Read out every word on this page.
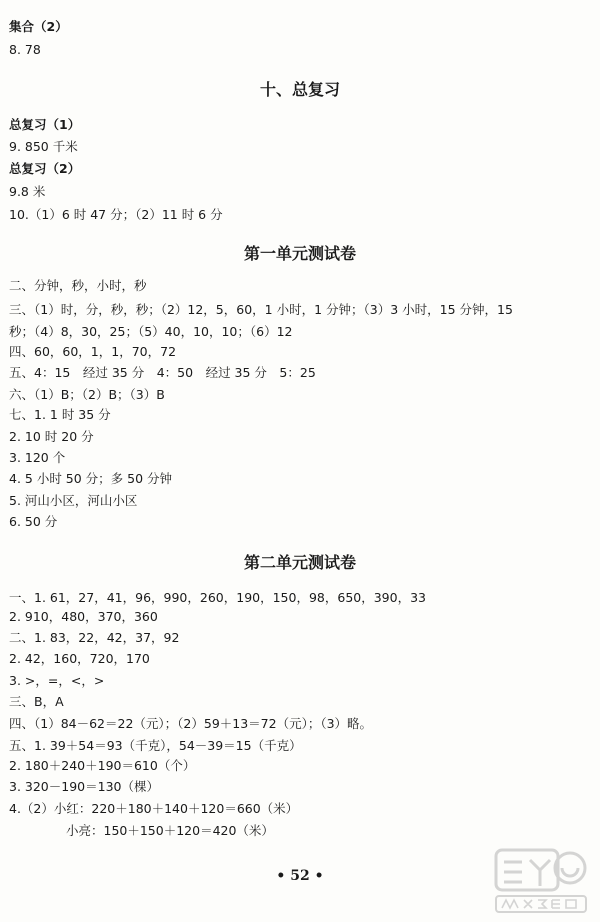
集合（2）
8. 78
十、总复习
总复习（1）
9. 850 千米
总复习（2）
9.8 米
10.（1）6 时 47 分；（2）11 时 6 分
第一单元测试卷
二、分钟，秒，小时，秒
三、（1）时，分，秒，秒；（2）12，5，60，1 小时，1 分钟；（3）3 小时，15 分钟，15
秒；（4）8，30，25；（5）40，10，10；（6）12
四、60，60，1，1，70，72
五、4：15　经过 35 分　4：50　经过 35 分　5：25
六、（1）B；（2）B；（3）B
七、1. 1 时 35 分
2. 10 时 20 分
3. 120 个
4. 5 小时 50 分；多 50 分钟
5. 河山小区，河山小区
6. 50 分
第二单元测试卷
一、1. 61，27，41，96，990，260，190，150，98，650，390，33
2. 910，480，370，360
二、1. 83，22，42，37，92
2. 42，160，720，170
3. >，=，<，>
三、B，A
四、（1）84－62＝22（元）；（2）59＋13＝72（元）；（3）略。
五、1. 39＋54＝93（千克），54－39＝15（千克）
2. 180＋240＋190＝610（个）
3. 320－190＝130（棵）
4.（2）小红：220＋180＋140＋120＝660（米）
小亮：150＋150＋120＝420（米）
• 52 •
